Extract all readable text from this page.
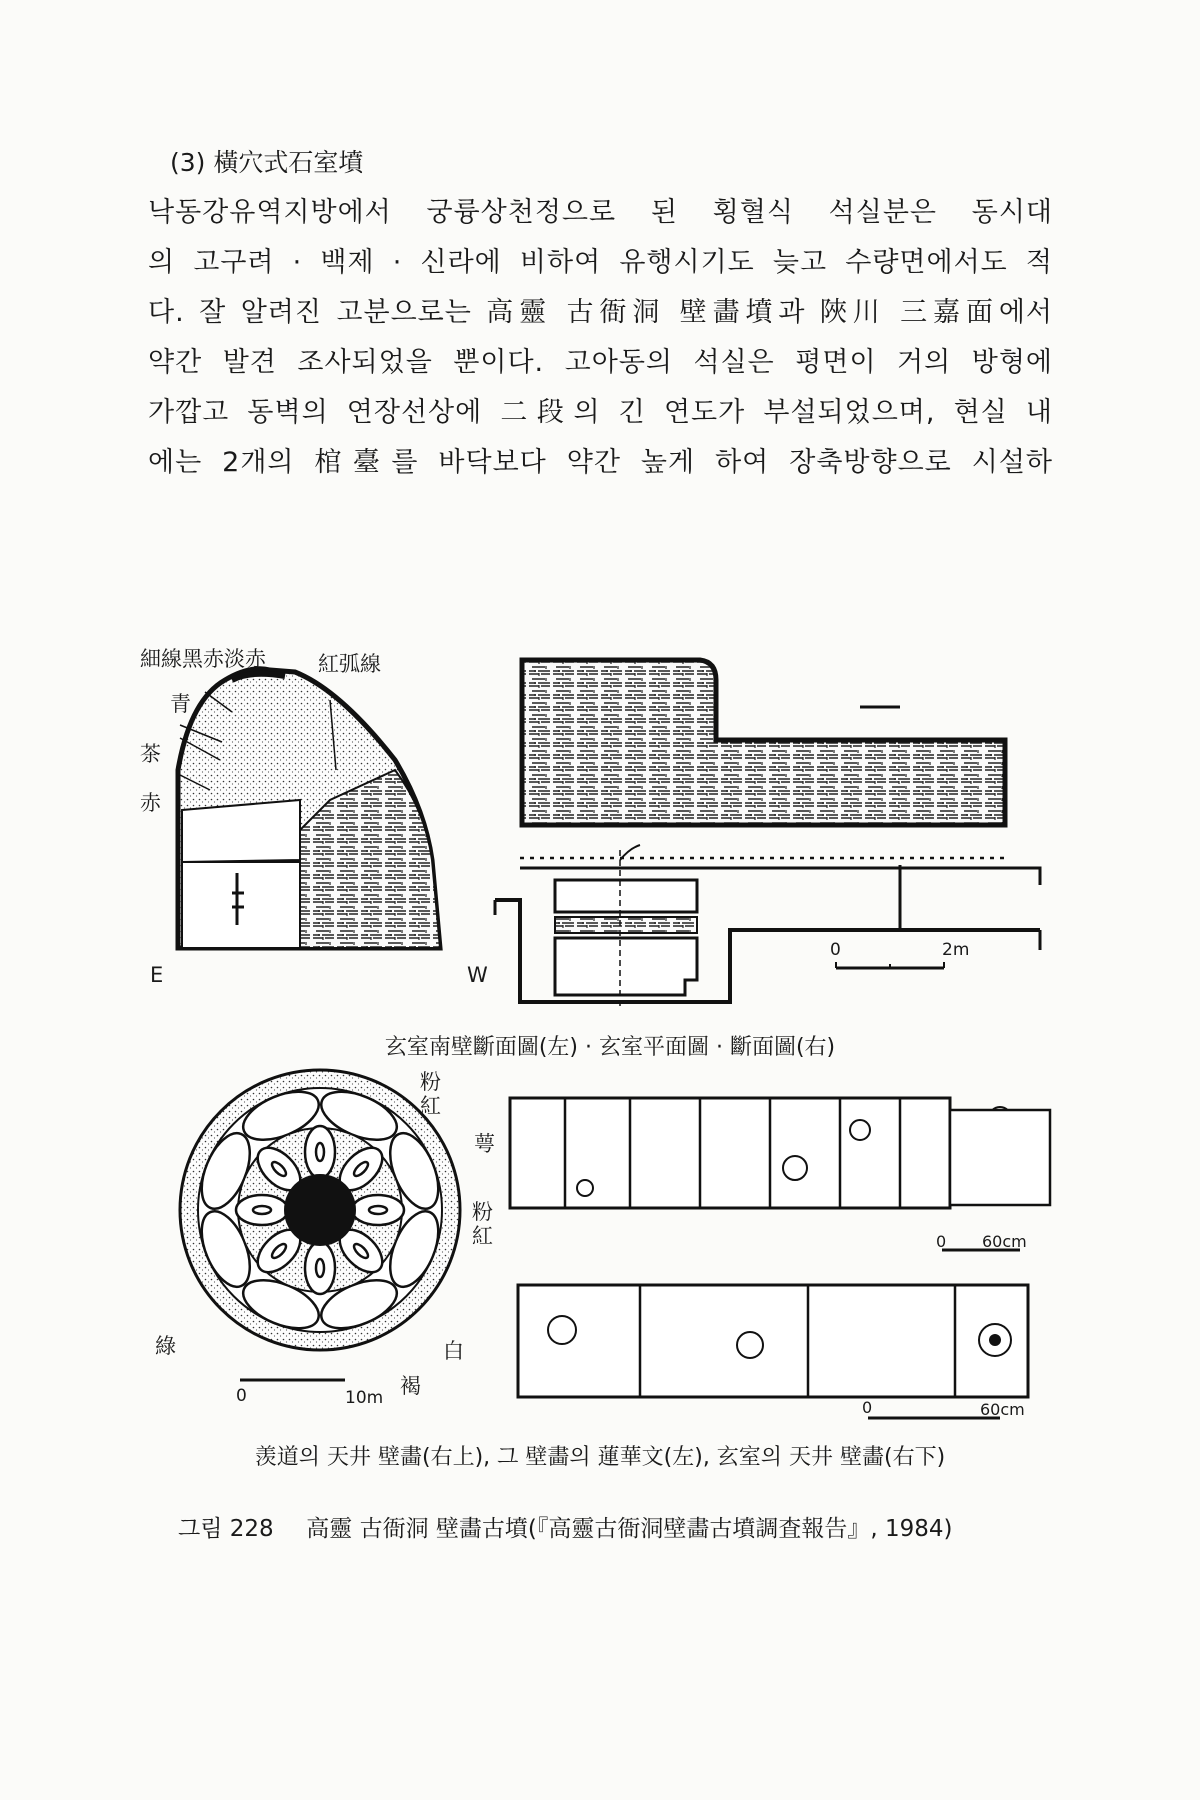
(3) 橫穴式石室墳
낙동강유역지방에서 궁륭상천정으로 된 횡혈식 석실분은 동시대
의 고구려 · 백제 · 신라에 비하여 유행시기도 늦고 수량면에서도 적
다. 잘 알려진 고분으로는 高靈 古衙洞 壁畵墳과 陜川 三嘉面에서
약간 발견 조사되었을 뿐이다. 고아동의 석실은 평면이 거의 방형에
가깝고 동벽의 연장선상에 二段의 긴 연도가 부설되었으며, 현실 내
에는 2개의 棺臺를 바닥보다 약간 높게 하여 장축방향으로 시설하
細線黑赤淡赤 紅弧線
青
茶
赤
E	W
0	2m
玄室南壁斷面圖(左) · 玄室平面圖 · 斷面圖(右)
粉紅
萼
粉紅
綠	白
褐
0	10m
0 60cm
0	60cm
羡道의 天井 壁畵(右上), 그 壁畵의 蓮華文(左), 玄室의 天井 壁畵(右下)
그림 228 高靈 古衙洞 壁畵古墳(『高靈古衙洞壁畵古墳調査報告』, 1984)
